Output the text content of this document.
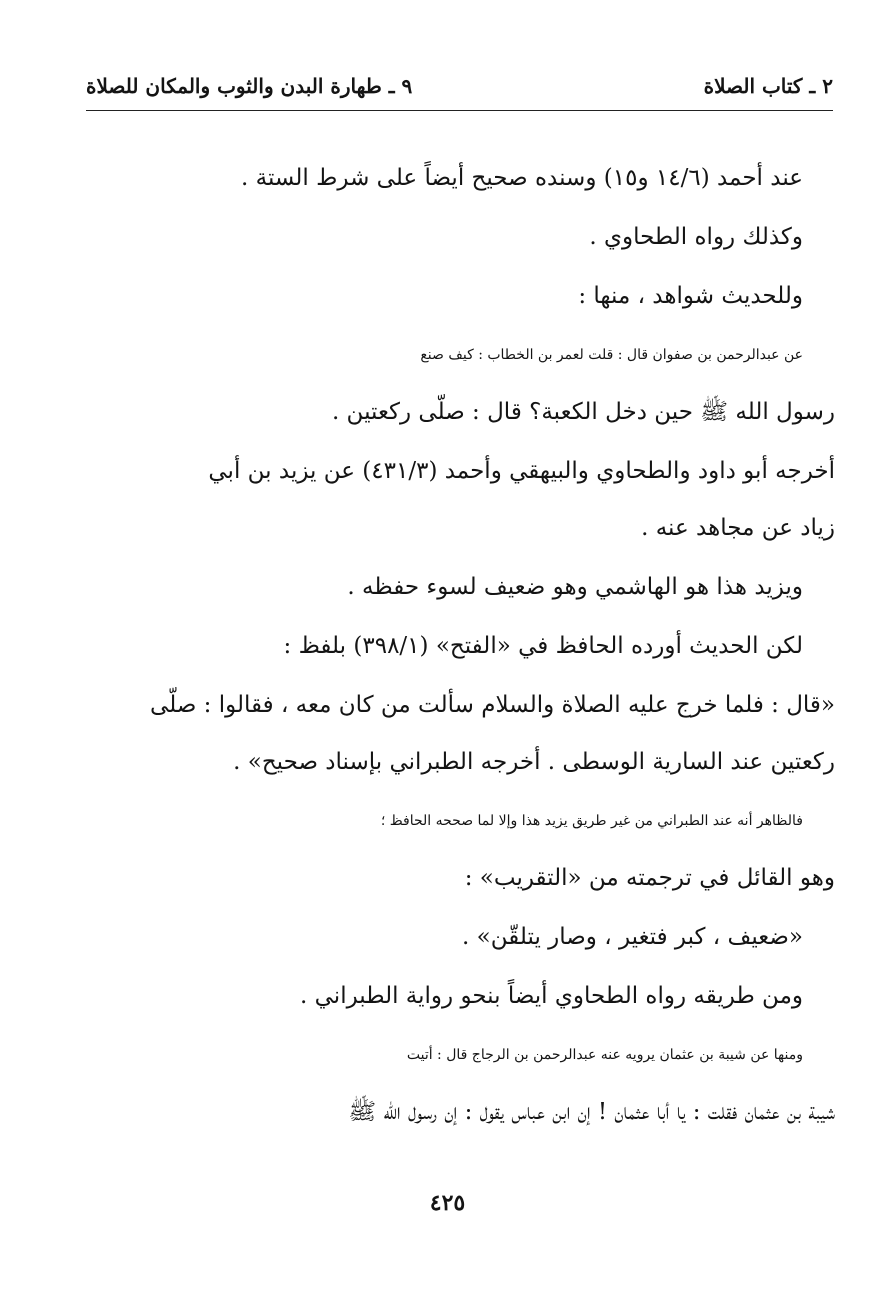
٢ ـ كتاب الصلاة
٩ ـ طهارة البدن والثوب والمكان للصلاة

عند أحمد (١٤/٦ و١٥) وسنده صحيح أيضاً على شرط الستة .

وكذلك رواه الطحاوي .

وللحديث شواهد ، منها :

عن عبدالرحمن بن صفوان قال : قلت لعمر بن الخطاب : كيف صنع
رسول الله ﷺ حين دخل الكعبة؟ قال : صلّى ركعتين .

أخرجه أبو داود والطحاوي والبيهقي وأحمد (٤٣١/٣) عن يزيد بن أبي
زياد عن مجاهد عنه .

ويزيد هذا هو الهاشمي وهو ضعيف لسوء حفظه .

لكن الحديث أورده الحافظ في «الفتح» (٣٩٨/١) بلفظ :

«قال : فلما خرج عليه الصلاة والسلام سألت من كان معه ، فقالوا : صلّى
ركعتين عند السارية الوسطى . أخرجه الطبراني بإسناد صحيح» .

فالظاهر أنه عند الطبراني من غير طريق يزيد هذا وإلا لما صححه الحافظ ؛
وهو القائل في ترجمته من «التقريب» :

«ضعيف ، كبر فتغير ، وصار يتلقّن» .

ومن طريقه رواه الطحاوي أيضاً بنحو رواية الطبراني .

ومنها عن شيبة بن عثمان يرويه عنه عبدالرحمن بن الرجاج قال : أتيت
شيبة بن عثمان فقلت : يا أبا عثمان ! إن ابن عباس يقول : إن رسول الله ﷺ

٤٢٥
